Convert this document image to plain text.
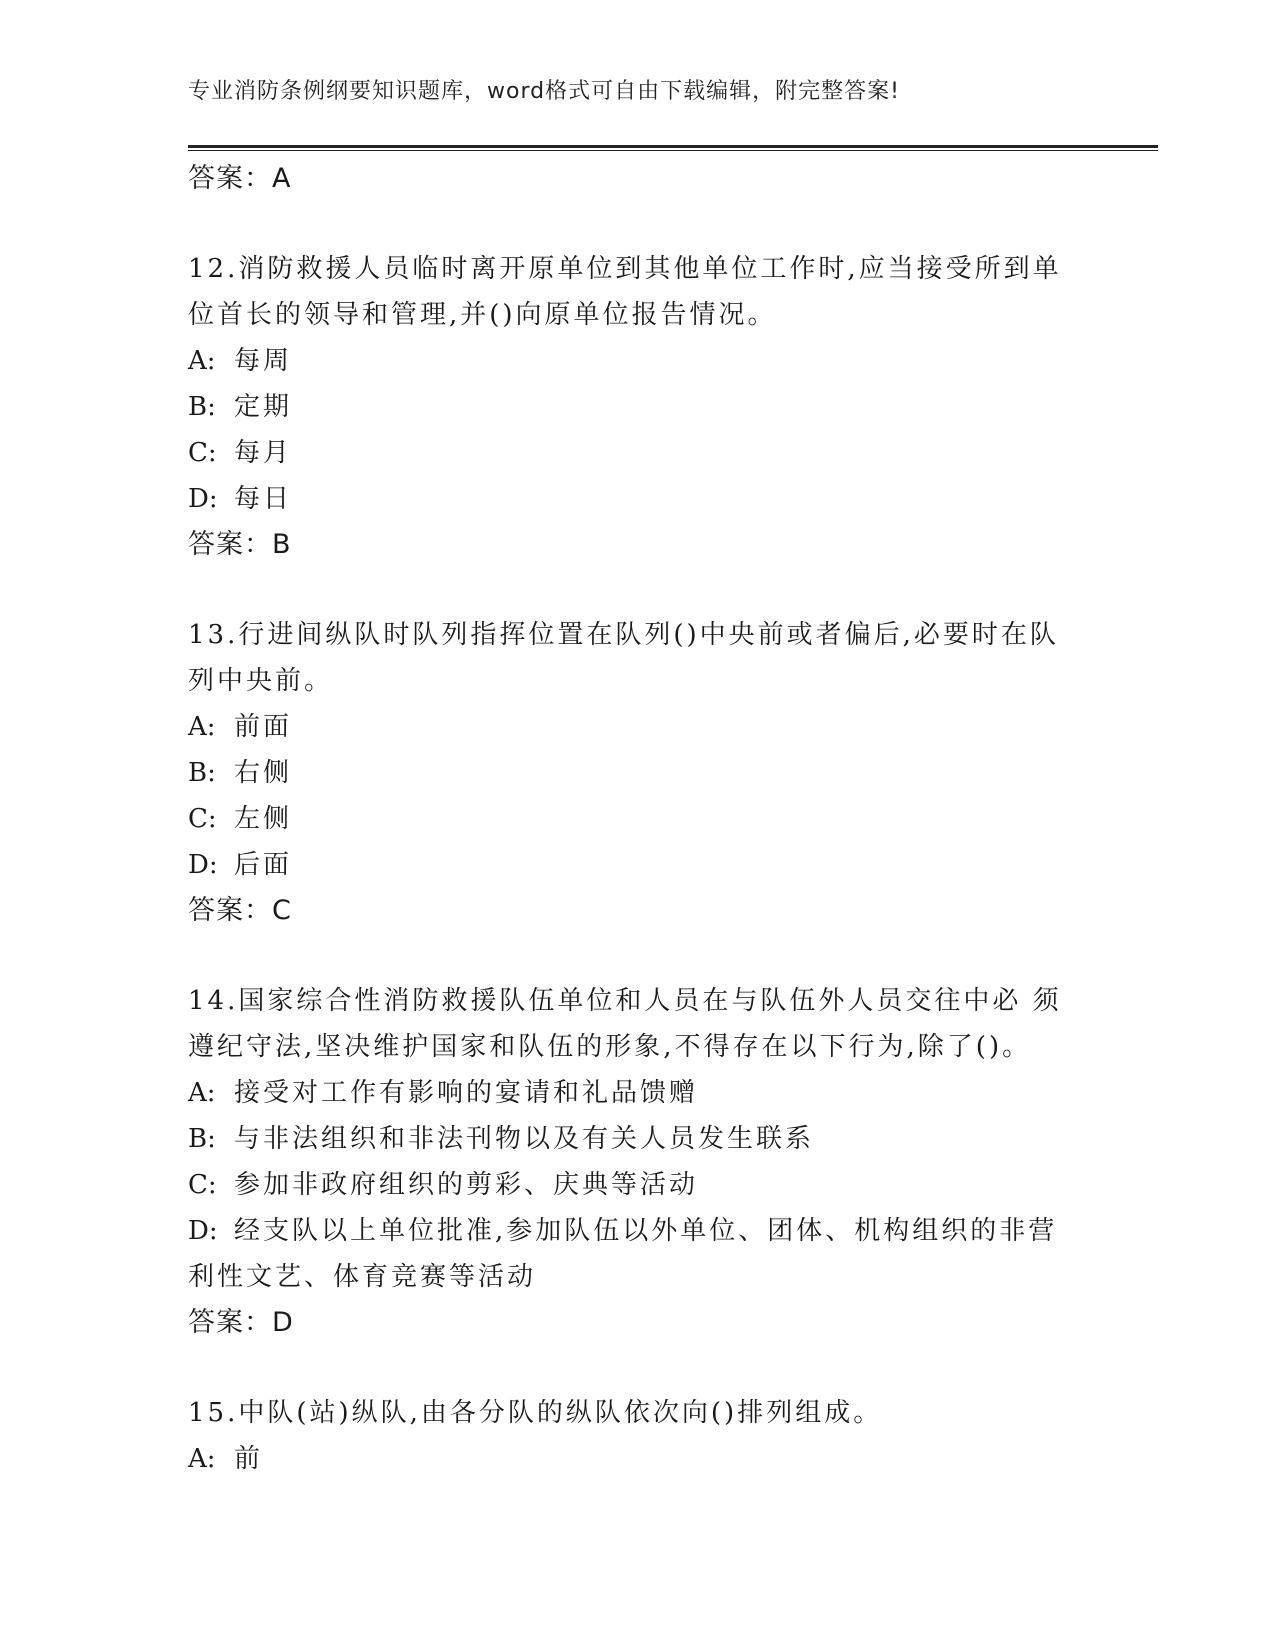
专业消防条例纲要知识题库，word格式可自由下载编辑，附完整答案!
答案：A
12.消防救援人员临时离开原单位到其他单位工作时,应当接受所到单
位首长的领导和管理,并()向原单位报告情况。
A: 每周
B: 定期
C: 每月
D: 每日
答案：B
13.行进间纵队时队列指挥位置在队列()中央前或者偏后,必要时在队
列中央前。
A: 前面
B: 右侧
C: 左侧
D: 后面
答案：C
14.国家综合性消防救援队伍单位和人员在与队伍外人员交往中必 须
遵纪守法,坚决维护国家和队伍的形象,不得存在以下行为,除了()。
A: 接受对工作有影响的宴请和礼品馈赠
B: 与非法组织和非法刊物以及有关人员发生联系
C: 参加非政府组织的剪彩、庆典等活动
D: 经支队以上单位批准,参加队伍以外单位、团体、机构组织的非营
利性文艺、体育竞赛等活动
答案：D
15.中队(站)纵队,由各分队的纵队依次向()排列组成。
A: 前
